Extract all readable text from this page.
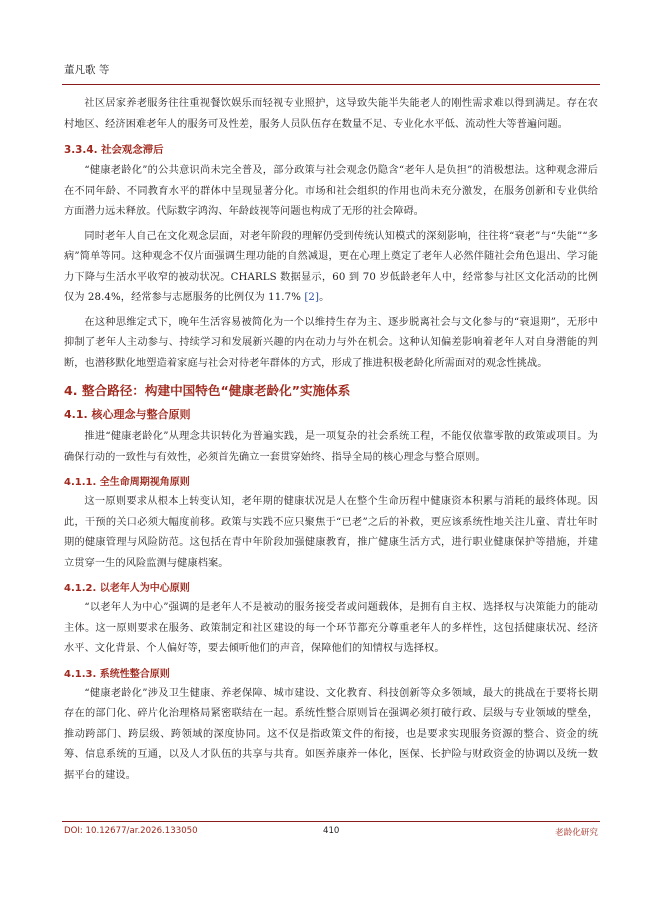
董凡歌 等

社区居家养老服务往往重视餐饮娱乐而轻视专业照护，这导致失能半失能老人的刚性需求难以得到满足。存在农村地区、经济困难老年人的服务可及性差，服务人员队伍存在数量不足、专业化水平低、流动性大等普遍问题。

3.3.4. 社会观念滞后

“健康老龄化”的公共意识尚未完全普及，部分政策与社会观念仍隐含“老年人是负担”的消极想法。这种观念滞后在不同年龄、不同教育水平的群体中呈现显著分化。市场和社会组织的作用也尚未充分激发，在服务创新和专业供给方面潜力远未释放。代际数字鸿沟、年龄歧视等问题也构成了无形的社会障碍。

同时老年人自己在文化观念层面，对老年阶段的理解仍受到传统认知模式的深刻影响，往往将“衰老”与“失能”“多病”简单等同。这种观念不仅片面强调生理功能的自然减退，更在心理上奠定了老年人必然伴随社会角色退出、学习能力下降与生活水平收窄的被动状况。CHARLS 数据显示，60 到 70 岁低龄老年人中，经常参与社区文化活动的比例仅为 28.4%，经常参与志愿服务的比例仅为 11.7% [2]。

在这种思维定式下，晚年生活容易被简化为一个以维持生存为主、逐步脱离社会与文化参与的“衰退期”，无形中抑制了老年人主动参与、持续学习和发展新兴趣的内在动力与外在机会。这种认知偏差影响着老年人对自身潜能的判断，也潜移默化地塑造着家庭与社会对待老年群体的方式，形成了推进积极老龄化所需面对的观念性挑战。

4. 整合路径：构建中国特色“健康老龄化”实施体系
4.1. 核心理念与整合原则

推进“健康老龄化”从理念共识转化为普遍实践，是一项复杂的社会系统工程，不能仅依靠零散的政策或项目。为确保行动的一致性与有效性，必须首先确立一套贯穿始终、指导全局的核心理念与整合原则。

4.1.1. 全生命周期视角原则

这一原则要求从根本上转变认知，老年期的健康状况是人在整个生命历程中健康资本积累与消耗的最终体现。因此，干预的关口必须大幅度前移。政策与实践不应只聚焦于“已老”之后的补救，更应该系统性地关注儿童、青壮年时期的健康管理与风险防范。这包括在青中年阶段加强健康教育，推广健康生活方式，进行职业健康保护等措施，并建立贯穿一生的风险监测与健康档案。

4.1.2. 以老年人为中心原则

“以老年人为中心”强调的是老年人不是被动的服务接受者或问题载体，是拥有自主权、选择权与决策能力的能动主体。这一原则要求在服务、政策制定和社区建设的每一个环节都充分尊重老年人的多样性，这包括健康状况、经济水平、文化背景、个人偏好等，要去倾听他们的声音，保障他们的知情权与选择权。

4.1.3. 系统性整合原则

“健康老龄化”涉及卫生健康、养老保障、城市建设、文化教育、科技创新等众多领域，最大的挑战在于要将长期存在的部门化、碎片化治理格局紧密联结在一起。系统性整合原则旨在强调必须打破行政、层级与专业领域的壁垒，推动跨部门、跨层级、跨领域的深度协同。这不仅是指政策文件的衔接，也是要求实现服务资源的整合、资金的统筹、信息系统的互通，以及人才队伍的共享与共育。如医养康养一体化，医保、长护险与财政资金的协调以及统一数据平台的建设。

DOI: 10.12677/ar.2026.133050	410	老龄化研究
